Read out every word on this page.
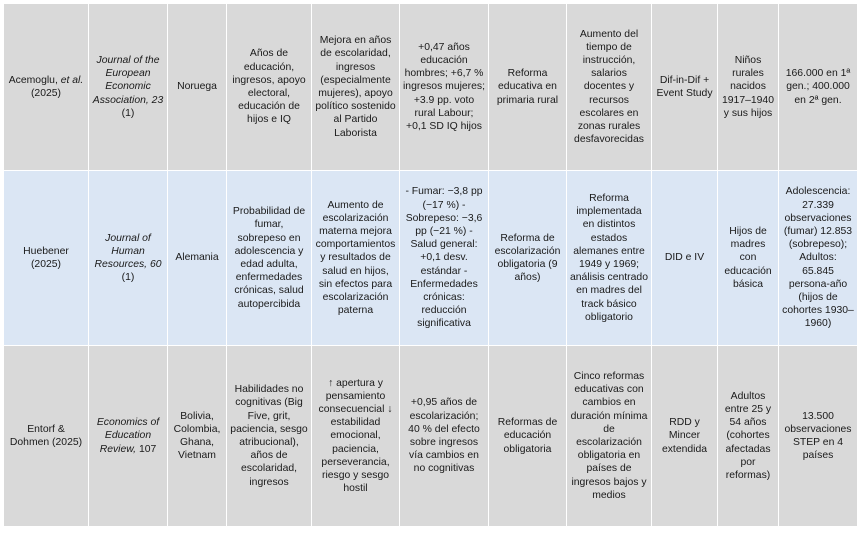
Acemoglu, et al. (2025)	Journal of the European Economic Association, 23 (1)	Noruega	Años de educación, ingresos, apoyo electoral, educación de hijos e IQ	Mejora en años de escolaridad, ingresos (especialmente mujeres), apoyo político sostenido al Partido Laborista	+0,47 años educación hombres; +6,7 % ingresos mujeres; +3.9 pp. voto rural Labour; +0,1 SD IQ hijos	Reforma educativa en primaria rural	Aumento del tiempo de instrucción, salarios docentes y recursos escolares en zonas rurales desfavorecidas	Dif-in-Dif + Event Study	Niños rurales nacidos 1917–1940 y sus hijos	166.000 en 1ª gen.; 400.000 en 2ª gen.
Huebener (2025)	Journal of Human Resources, 60 (1)	Alemania	Probabilidad de fumar, sobrepeso en adolescencia y edad adulta, enfermedades crónicas, salud autopercibida	Aumento de escolarización materna mejora comportamientos y resultados de salud en hijos, sin efectos para escolarización paterna	- Fumar: −3,8 pp (−17 %) - Sobrepeso: −3,6 pp (−21 %) - Salud general: +0,1 desv. estándar - Enfermedades crónicas: reducción significativa	Reforma de escolarización obligatoria (9 años)	Reforma implementada en distintos estados alemanes entre 1949 y 1969; análisis centrado en madres del track básico obligatorio	DID e IV	Hijos de madres con educación básica	Adolescencia: 27.339 observaciones (fumar) 12.853 (sobrepeso); Adultos: 65.845 persona-año (hijos de cohortes 1930–1960)
Entorf & Dohmen (2025)	Economics of Education Review, 107	Bolivia, Colombia, Ghana, Vietnam	Habilidades no cognitivas (Big Five, grit, paciencia, sesgo atribucional), años de escolaridad, ingresos	↑ apertura y pensamiento consecuencial ↓ estabilidad emocional, paciencia, perseverancia, riesgo y sesgo hostil	+0,95 años de escolarización; 40 % del efecto sobre ingresos vía cambios en no cognitivas	Reformas de educación obligatoria	Cinco reformas educativas con cambios en duración mínima de escolarización obligatoria en países de ingresos bajos y medios	RDD y Mincer extendida	Adultos entre 25 y 54 años (cohortes afectadas por reformas)	13.500 observaciones STEP en 4 países
